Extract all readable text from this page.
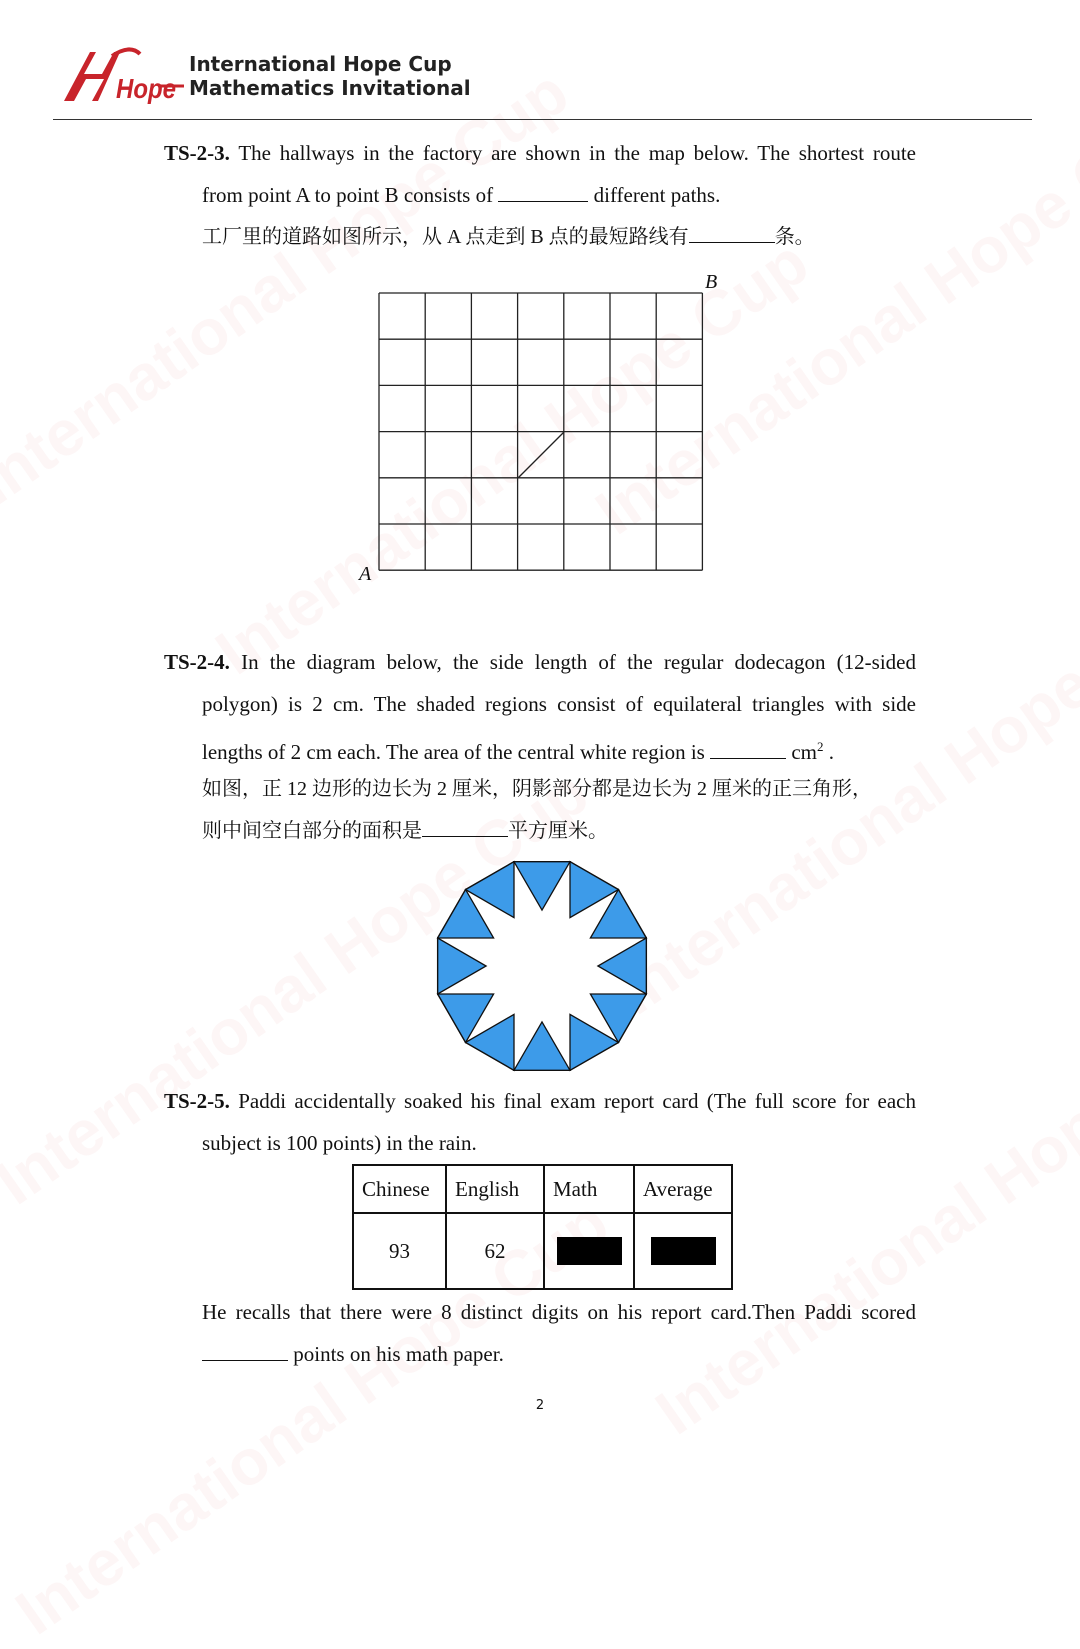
Hope
International Hope Cup
Mathematics Invitational
TS-2-3. The hallways in the factory are shown in the map below. The shortest route
from point A to point B consists of	different paths.
工厂里的道路如图所示，从 A 点走到 B 点的最短路线有	条。
B
A
TS-2-4. In the diagram below, the side length of the regular dodecagon (12-sided
polygon) is 2 cm. The shaded regions consist of equilateral triangles with side
lengths of 2 cm each. The area of the central white region is	$cm^2$ .
如图，正 12 边形的边长为 2 厘米，阴影部分都是边长为 2 厘米的正三角形，
则中间空白部分的面积是	平方厘米。
TS-2-5. Paddi accidentally soaked his final exam report card (The full score for each
subject is 100 points) in the rain.
Chinese	English	Math	Average
93	62		
He recalls that there were 8 distinct digits on his report card.Then Paddi scored
points on his math paper.
2
